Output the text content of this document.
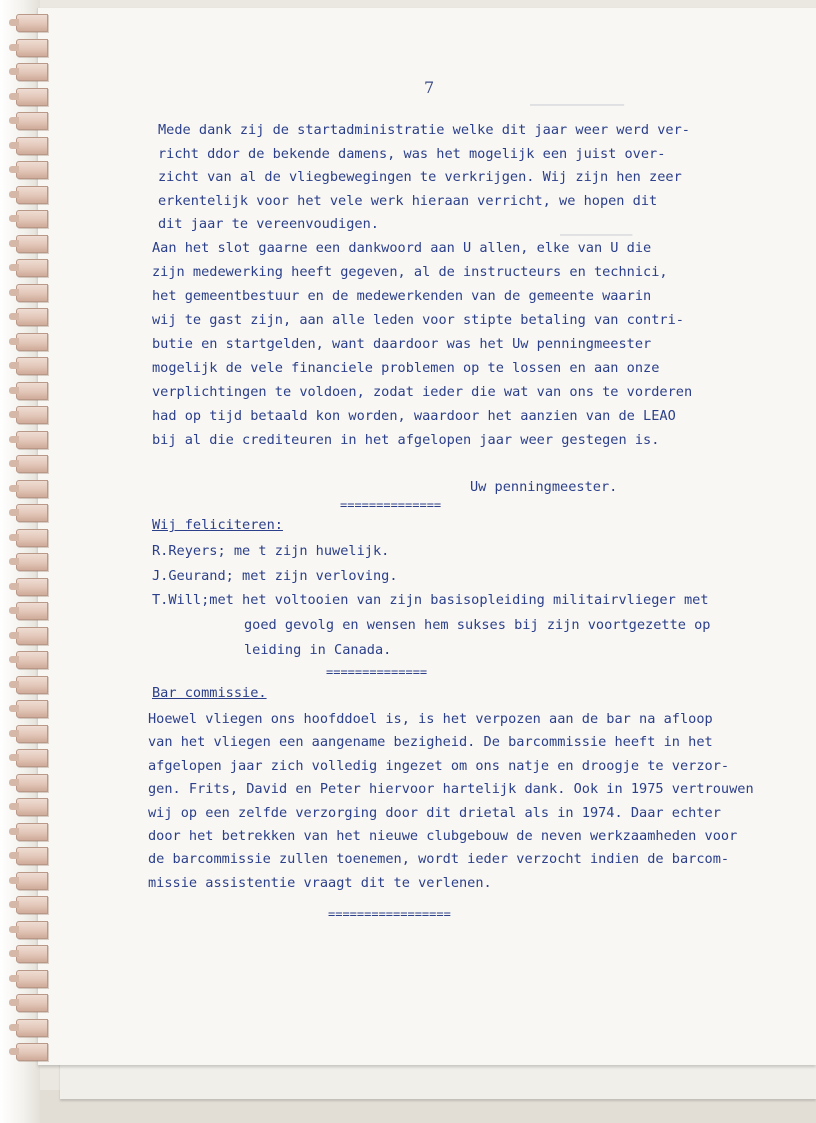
─────────────
──────────

7

Mede dank zij de startadministratie welke dit jaar weer werd ver-
richt ddor de bekende damens, was het mogelijk een juist over-
zicht van al de vliegbewegingen te verkrijgen. Wij zijn hen zeer
erkentelijk voor het vele werk hieraan verricht, we hopen dit
dit jaar te vereenvoudigen.

Aan het slot gaarne een dankwoord aan U allen, elke van U die
zijn medewerking heeft gegeven, al de instructeurs en technici,
het gemeentbestuur en de medewerkenden van de gemeente waarin
wij te gast zijn, aan alle leden voor stipte betaling van contri-
butie en startgelden, want daardoor was het Uw penningmeester
mogelijk de vele financiele problemen op te lossen en aan onze
verplichtingen te voldoen, zodat ieder die wat van ons te vorderen
had op tijd betaald kon worden, waardoor het aanzien van de LEAO
bij al die crediteuren in het afgelopen jaar weer gestegen is.

Uw penningmeester.

==============

Wij feliciteren:

R.Reyers; me t zijn huwelijk.
J.Geurand; met zijn verloving.
T.Will;met het voltooien van zijn basisopleiding militairvlieger met
goed gevolg en wensen hem sukses bij zijn voortgezette op
leiding in Canada.

==============

Bar commissie.

Hoewel vliegen ons hoofddoel is, is het verpozen aan de bar na afloop
van het vliegen een aangename bezigheid. De barcommissie heeft in het
afgelopen jaar zich volledig ingezet om ons natje en droogje te verzor-
gen. Frits, David en Peter hiervoor hartelijk dank. Ook in 1975 vertrouwen
wij op een zelfde verzorging door dit drietal als in 1974. Daar echter
door het betrekken van het nieuwe clubgebouw de neven werkzaamheden voor
de barcommissie zullen toenemen, wordt ieder verzocht indien de barcom-
missie assistentie vraagt dit te verlenen.

=================
